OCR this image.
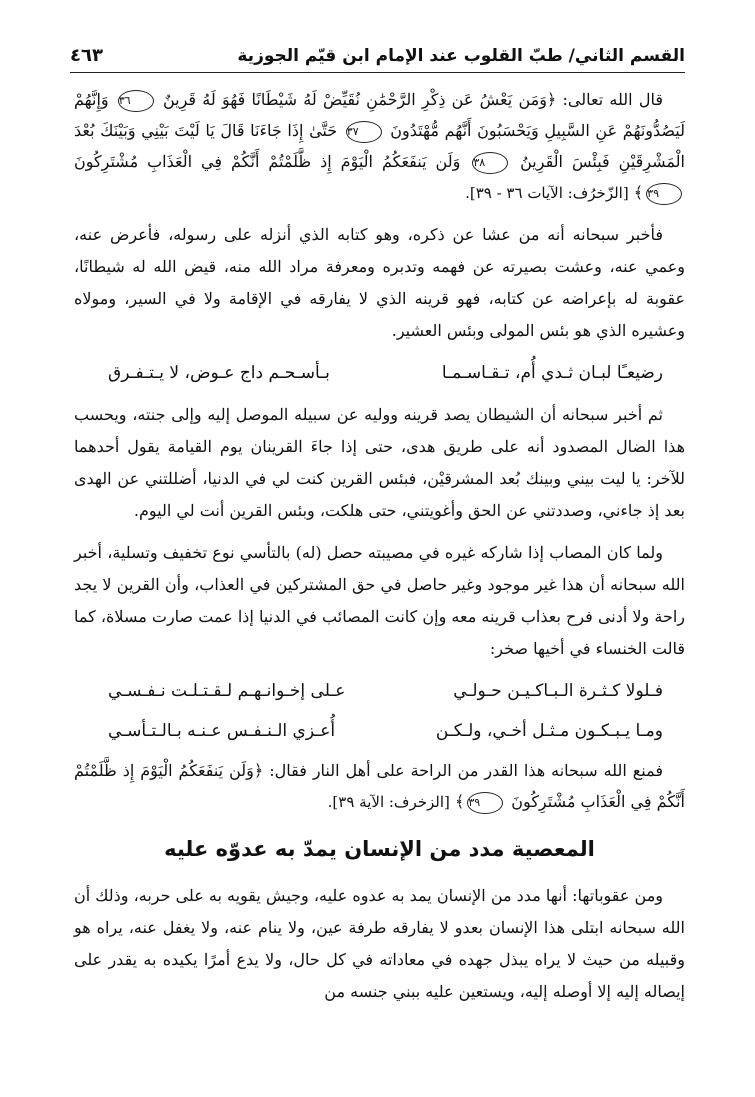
القسم الثاني/ طبّ القلوب عند الإمام ابن قيّم الجوزية
٤٦٣

قال الله تعالى: ﴿وَمَن يَعْشُ عَن ذِكْرِ الرَّحْمَٰنِ نُقَيِّضْ لَهُ شَيْطَانًا فَهُوَ لَهُ قَرِينٌ ٣٦ وَإِنَّهُمْ لَيَصُدُّونَهُمْ عَنِ السَّبِيلِ وَيَحْسَبُونَ أَنَّهُم مُّهْتَدُونَ ٣٧ حَتَّىٰ إِذَا جَاءَنَا قَالَ يَا لَيْتَ بَيْنِي وَبَيْنَكَ بُعْدَ الْمَشْرِقَيْنِ فَبِئْسَ الْقَرِينُ ٣٨ وَلَن يَنفَعَكُمُ الْيَوْمَ إِذ ظَّلَمْتُمْ أَنَّكُمْ فِي الْعَذَابِ مُشْتَرِكُونَ ٣٩﴾ [الزّخرُف: الآيات ٣٦ - ٣٩].

فأخبر سبحانه أنه من عشا عن ذكره، وهو كتابه الذي أنزله على رسوله، فأعرض عنه، وعمي عنه، وعشت بصيرته عن فهمه وتدبره ومعرفة مراد الله منه، قيض الله له شيطانًا، عقوبة له بإعراضه عن كتابه، فهو قرينه الذي لا يفارقه في الإقامة ولا في السير، ومولاه وعشيره الذي هو بئس المولى وبئس العشير.

رضيعـًا لبـان ثـدي أُم، تـقـاسـمـا
بـأسـحـم داج عـوض، لا يـتـفـرق

ثم أخبر سبحانه أن الشيطان يصد قرينه ووليه عن سبيله الموصل إليه وإلى جنته، ويحسب هذا الضال المصدود أنه على طريق هدى، حتى إذا جاءَ القرينان يوم القيامة يقول أحدهما للآخر: يا ليت بيني وبينك بُعد المشرقيْن، فبئس القرين كنت لي في الدنيا، أضللتني عن الهدى بعد إذ جاءني، وصددتني عن الحق وأغويتني، حتى هلكت، وبئس القرين أنت لي اليوم.

ولما كان المصاب إذا شاركه غيره في مصيبته حصل (له) بالتأسي نوع تخفيف وتسلية، أخبر الله سبحانه أن هذا غير موجود وغير حاصل في حق المشتركين في العذاب، وأن القرين لا يجد راحة ولا أدنى فرح بعذاب قرينه معه وإن كانت المصائب في الدنيا إذا عمت صارت مسلاة، كما قالت الخنساء في أخيها صخر:

فـلولا كـثـرة الـبـاكـيـن حـولـي
عـلى إخـوانـهـم لـقـتـلـت نـفـسـي
ومـا يـبـكـون مـثـل أخـي، ولـكـن
أُعـزي الـنـفـس عـنـه بـالـتـأسـي

فمنع الله سبحانه هذا القدر من الراحة على أهل النار فقال: ﴿وَلَن يَنفَعَكُمُ الْيَوْمَ إِذ ظَّلَمْتُمْ أَنَّكُمْ فِي الْعَذَابِ مُشْتَرِكُونَ ٣٩﴾ [الزخرف: الآية ٣٩].

المعصية مدد من الإنسان يمدّ به عدوّه عليه

ومن عقوباتها: أنها مدد من الإنسان يمد به عدوه عليه، وجيش يقويه به على حربه، وذلك أن الله سبحانه ابتلى هذا الإنسان بعدو لا يفارقه طرفة عين، ولا ينام عنه، ولا يغفل عنه، يراه هو وقبيله من حيث لا يراه يبذل جهده في معاداته في كل حال، ولا يدع أمرًا يكيده به يقدر على إيصاله إليه إلا أوصله إليه، ويستعين عليه ببني جنسه من
